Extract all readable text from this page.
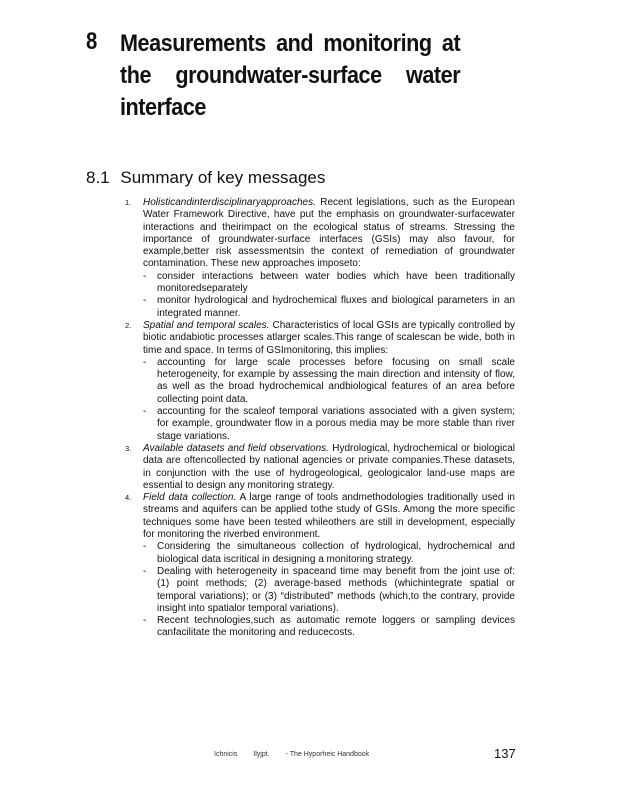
8 Measurements and monitoring at the groundwater-surface water interface
8.1 Summary of key messages
1. Holisticandinterdisciplinaryapproaches. Recent legislations, such as the European Water Framework Directive, have put the emphasis on groundwater-surfacewater interactions and theirimpact on the ecological status of streams. Stressing the importance of groundwater-surface interfaces (GSIs) may also favour, for example,better risk assessmentsin the context of remediation of groundwater contamination. These new approaches imposeto:
- consider interactions between water bodies which have been traditionally monitoredseparately
- monitor hydrological and hydrochemical fluxes and biological parameters in an integrated manner.
2. Spatial and temporal scales. Characteristics of local GSIs are typically controlled by biotic andabiotic processes atlarger scales.This range of scalescan be wide, both in time and space. In terms of GSImonitoring, this implies:
- accounting for large scale processes before focusing on small scale heterogeneity, for example by assessing the main direction and intensity of flow, as well as the broad hydrochemical andbiological features of an area before collecting point data.
- accounting for the scaleof temporal variations associated with a given system; for example, groundwater flow in a porous media may be more stable than river stage variations.
3. Available datasets and field observations. Hydrological, hydrochemical or biological data are oftencollected by national agencies or private companies.These datasets, in conjunction with the use of hydrogeological, geologicalor land-use maps are essential to design any monitoring strategy.
4. Field data collection. A large range of tools andmethodologies traditionally used in streams and aquifers can be applied tothe study of GSIs. Among the more specific techniques some have been tested whileothers are still in development, especially for monitoring the riverbed environment.
- Considering the simultaneous collection of hydrological, hydrochemical and biological data iscritical in designing a monitoring strategy.
- Dealing with heterogeneity in spaceand time may benefit from the joint use of: (1) point methods; (2) average-based methods (whichintegrate spatial or temporal variations); or (3) “distributed” methods (which,to the contrary, provide insight into spatialor temporal variations).
- Recent technologies,such as automatic remote loggers or sampling devices canfacilitate the monitoring and reducecosts.
Ichnicis Ilyjpt. - The Hyporheic Handbook	137
